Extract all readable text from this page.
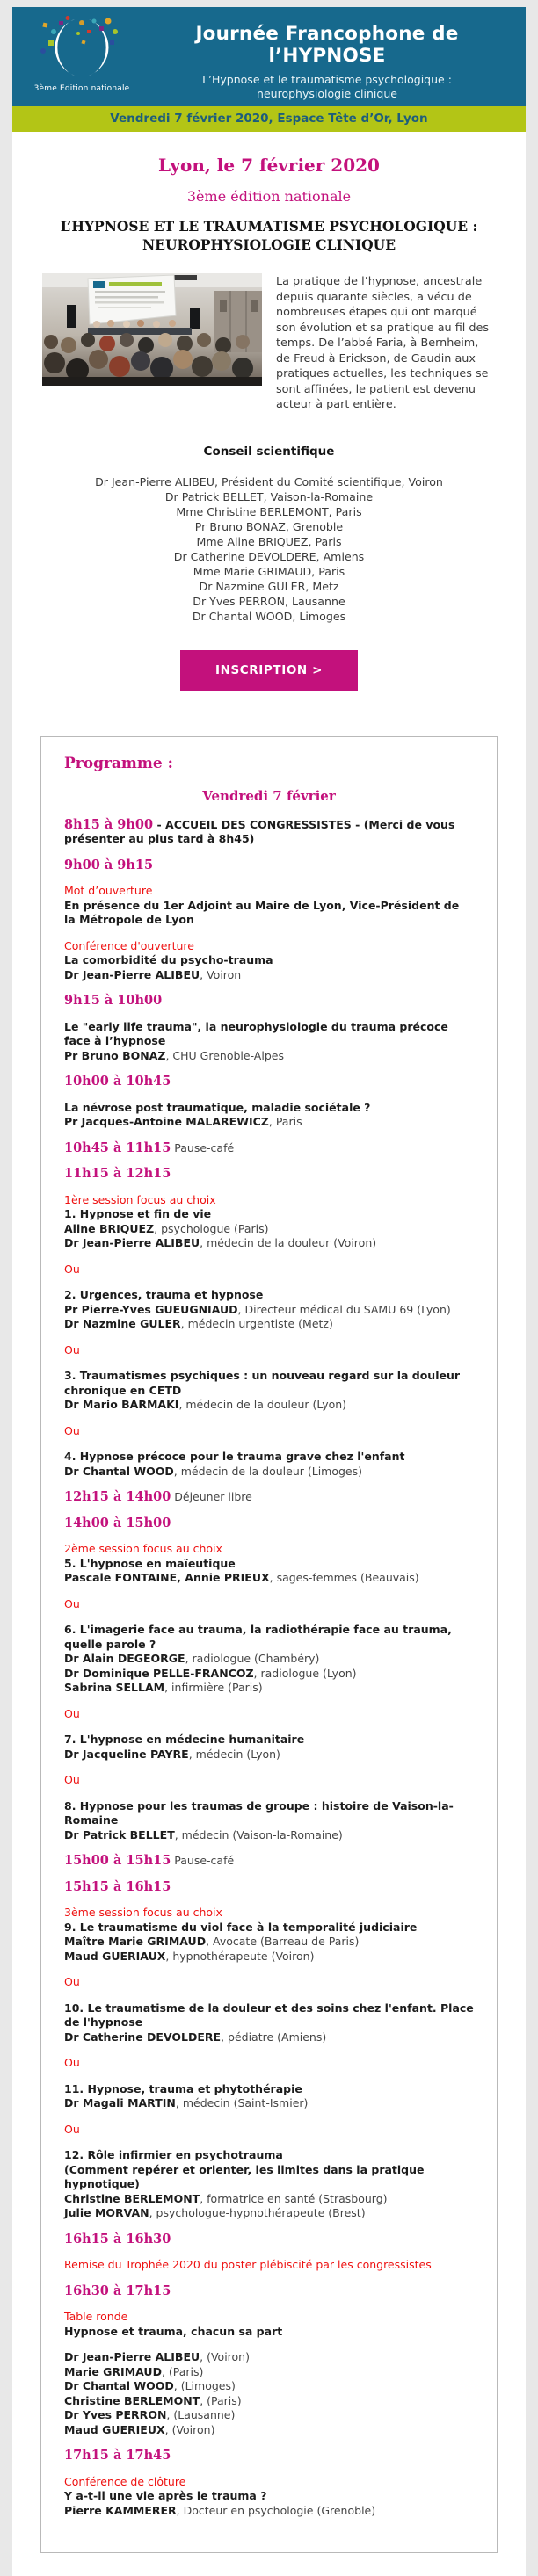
3ème Edition nationale
Journée Francophone de l’HYPNOSE
L’Hypnose et le traumatisme psychologique :
neurophysiologie clinique
Vendredi 7 février 2020, Espace Tête d’Or, Lyon
Lyon, le 7 février 2020
3ème édition nationale
L’HYPNOSE ET LE TRAUMATISME PSYCHOLOGIQUE : NEUROPHYSIOLOGIE CLINIQUE
La pratique de l’hypnose, ancestrale depuis quarante siècles, a vécu de nombreuses étapes qui ont marqué son évolution et sa pratique au fil des temps. De l’abbé Faria, à Bernheim, de Freud à Erickson, de Gaudin aux pratiques actuelles, les techniques se sont affinées, le patient est devenu acteur à part entière.
Conseil scientifique
Dr Jean-Pierre ALIBEU, Président du Comité scientifique, Voiron
Dr Patrick BELLET, Vaison-la-Romaine
Mme Christine BERLEMONT, Paris
Pr Bruno BONAZ, Grenoble
Mme Aline BRIQUEZ, Paris
Dr Catherine DEVOLDERE, Amiens
Mme Marie GRIMAUD, Paris
Dr Nazmine GULER, Metz
Dr Yves PERRON, Lausanne
Dr Chantal WOOD, Limoges
INSCRIPTION >
Programme :
Vendredi 7 février
8h15 à 9h00 - ACCUEIL DES CONGRESSISTES - (Merci de vous présenter au plus tard à 8h45)
9h00 à 9h15
Mot d’ouverture
En présence du 1er Adjoint au Maire de Lyon, Vice-Président de la Métropole de Lyon
Conférence d'ouverture
La comorbidité du psycho-trauma
Dr Jean-Pierre ALIBEU, Voiron
9h15 à 10h00
Le "early life trauma", la neurophysiologie du trauma précoce face à l’hypnose
Pr Bruno BONAZ, CHU Grenoble-Alpes
10h00 à 10h45
La névrose post traumatique, maladie sociétale ?
Pr Jacques-Antoine MALAREWICZ, Paris
10h45 à 11h15 Pause-café
11h15 à 12h15
1ère session focus au choix
1. Hypnose et fin de vie
Aline BRIQUEZ, psychologue (Paris)
Dr Jean-Pierre ALIBEU, médecin de la douleur (Voiron)
Ou
2. Urgences, trauma et hypnose
Pr Pierre-Yves GUEUGNIAUD, Directeur médical du SAMU 69 (Lyon)
Dr Nazmine GULER, médecin urgentiste (Metz)
Ou
3. Traumatismes psychiques : un nouveau regard sur la douleur chronique en CETD
Dr Mario BARMAKI, médecin de la douleur (Lyon)
Ou
4. Hypnose précoce pour le trauma grave chez l'enfant
Dr Chantal WOOD, médecin de la douleur (Limoges)
12h15 à 14h00 Déjeuner libre
14h00 à 15h00
2ème session focus au choix
5. L'hypnose en maïeutique
Pascale FONTAINE, Annie PRIEUX, sages-femmes (Beauvais)
Ou
6. L'imagerie face au trauma, la radiothérapie face au trauma, quelle parole ?
Dr Alain DEGEORGE, radiologue (Chambéry)
Dr Dominique PELLE-FRANCOZ, radiologue (Lyon)
Sabrina SELLAM, infirmière (Paris)
Ou
7. L'hypnose en médecine humanitaire
Dr Jacqueline PAYRE, médecin (Lyon)
Ou
8. Hypnose pour les traumas de groupe : histoire de Vaison-la-Romaine
Dr Patrick BELLET, médecin (Vaison-la-Romaine)
15h00 à 15h15 Pause-café
15h15 à 16h15
3ème session focus au choix
9. Le traumatisme du viol face à la temporalité judiciaire
Maître Marie GRIMAUD, Avocate (Barreau de Paris)
Maud GUERIAUX, hypnothérapeute (Voiron)
Ou
10. Le traumatisme de la douleur et des soins chez l'enfant. Place de l'hypnose
Dr Catherine DEVOLDERE, pédiatre (Amiens)
Ou
11. Hypnose, trauma et phytothérapie
Dr Magali MARTIN, médecin (Saint-Ismier)
Ou
12. Rôle infirmier en psychotrauma
(Comment repérer et orienter, les limites dans la pratique hypnotique)
Christine BERLEMONT, formatrice en santé (Strasbourg)
Julie MORVAN, psychologue-hypnothérapeute (Brest)
16h15 à 16h30
Remise du Trophée 2020 du poster plébiscité par les congressistes
16h30 à 17h15
Table ronde
Hypnose et trauma, chacun sa part
Dr Jean-Pierre ALIBEU, (Voiron)
Marie GRIMAUD, (Paris)
Dr Chantal WOOD, (Limoges)
Christine BERLEMONT, (Paris)
Dr Yves PERRON, (Lausanne)
Maud GUERIEUX, (Voiron)
17h15 à 17h45
Conférence de clôture
Y a-t-il une vie après le trauma ?
Pierre KAMMERER, Docteur en psychologie (Grenoble)
